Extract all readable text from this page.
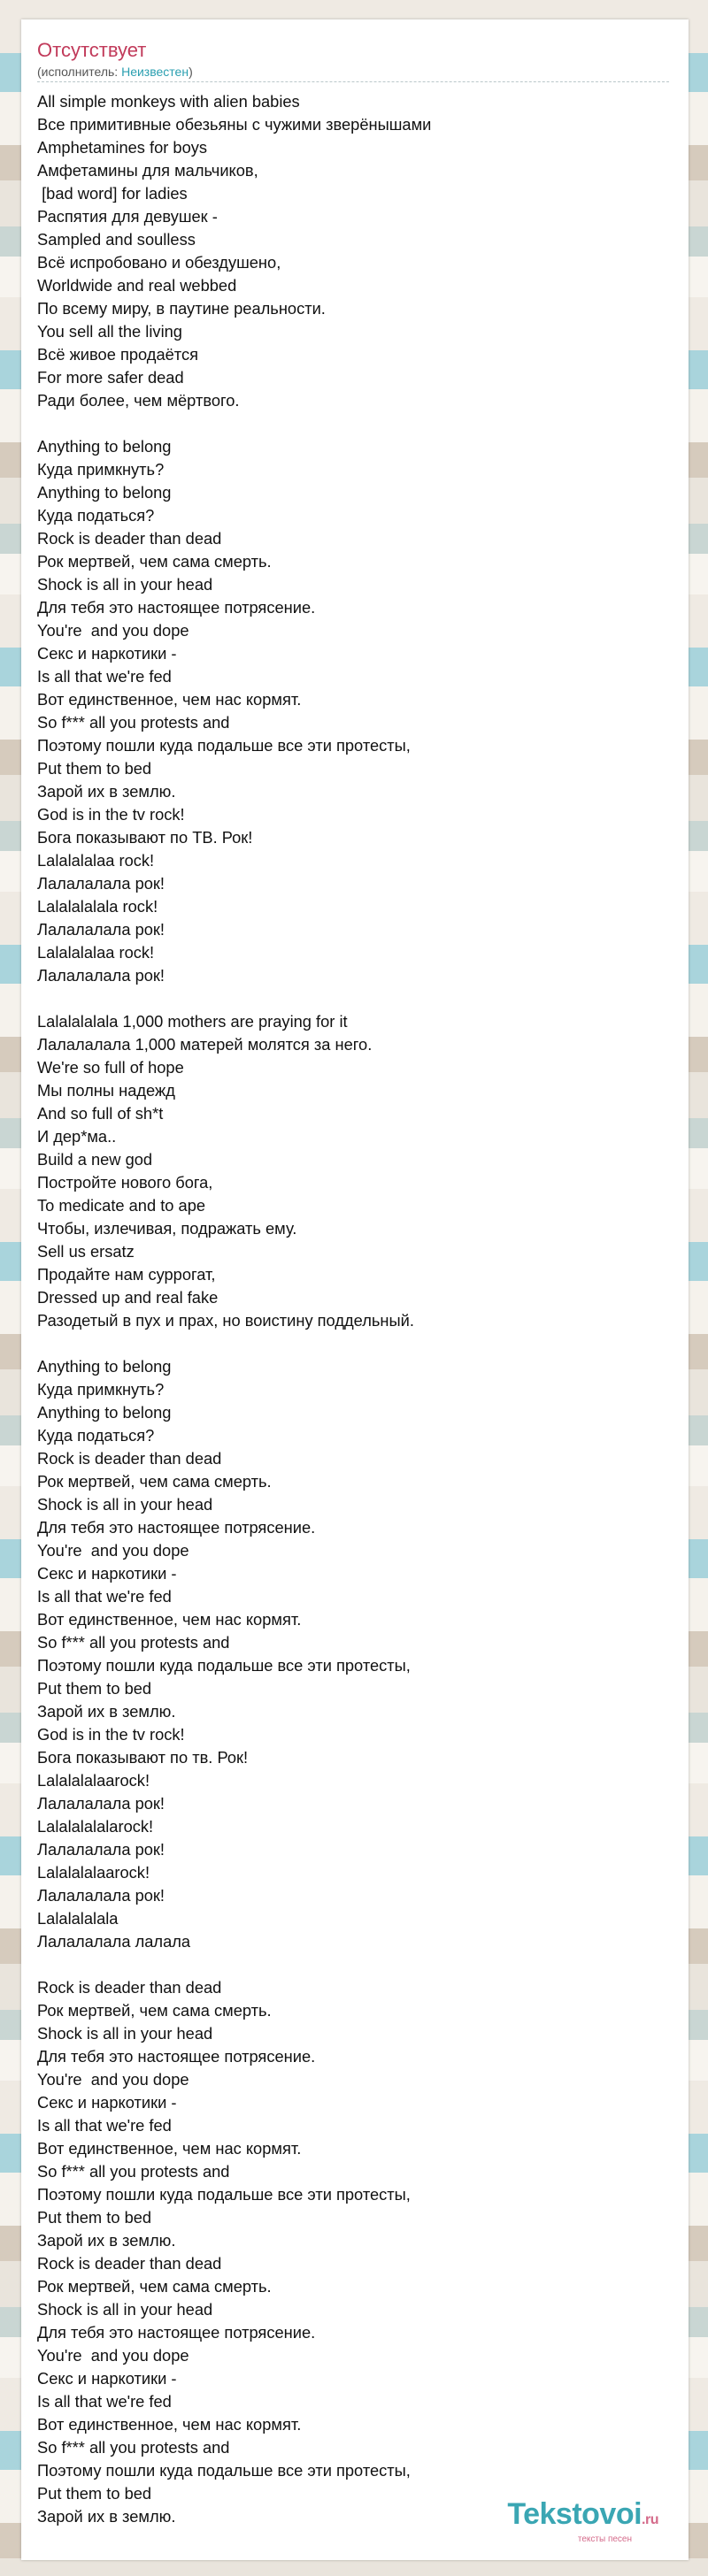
Отсутствует
(исполнитель: Неизвестен)
All simple monkeys with alien babies
Все примитивные обезьяны с чужими зверёнышами
Amphetamines for boys
Амфетамины для мальчиков,
[bad word] for ladies
Распятия для девушек -
Sampled and soulless
Всё испробовано и обездушено,
Worldwide and real webbed
По всему миру, в паутине реальности.
You sell all the living
Всё живое продаётся
For more safer dead
Ради более, чем мёртвого.
Anything to belong
Куда примкнуть?
Anything to belong
Куда податься?
Rock is deader than dead
Рок мертвей, чем сама смерть.
Shock is all in your head
Для тебя это настоящее потрясение.
You're  and you dope
Секс и наркотики -
Is all that we're fed
Вот единственное, чем нас кормят.
So f*** all you protests and
Поэтому пошли куда подальше все эти протесты,
Put them to bed
Зарой их в землю.
God is in the tv rock!
Бога показывают по ТВ. Рок!
Lalalalalaa rock!
Лалалалала рок!
Lalalalalala rock!
Лалалалала рок!
Lalalalalaa rock!
Лалалалала рок!
Lalalalalala 1,000 mothers are praying for it
Лалалалала 1,000 матерей молятся за него.
We're so full of hope
Мы полны надежд
And so full of sh*t
И дер*ма..
Build a new god
Постройте нового бога,
To medicate and to ape
Чтобы, излечивая, подражать ему.
Sell us ersatz
Продайте нам суррогат,
Dressed up and real fake
Разодетый в пух и прах, но воистину поддельный.
Anything to belong
Куда примкнуть?
Anything to belong
Куда податься?
Rock is deader than dead
Рок мертвей, чем сама смерть.
Shock is all in your head
Для тебя это настоящее потрясение.
You're  and you dope
Секс и наркотики -
Is all that we're fed
Вот единственное, чем нас кормят.
So f*** all you protests and
Поэтому пошли куда подальше все эти протесты,
Put them to bed
Зарой их в землю.
God is in the tv rock!
Бога показывают по тв. Рок!
Lalalalalaarock!
Лалалалала рок!
Lalalalalalarock!
Лалалалала рок!
Lalalalalaarock!
Лалалалала рок!
Lalalalalala
Лалалалала лалала
Rock is deader than dead
Рок мертвей, чем сама смерть.
Shock is all in your head
Для тебя это настоящее потрясение.
You're  and you dope
Секс и наркотики -
Is all that we're fed
Вот единственное, чем нас кормят.
So f*** all you protests and
Поэтому пошли куда подальше все эти протесты,
Put them to bed
Зарой их в землю.
Rock is deader than dead
Рок мертвей, чем сама смерть.
Shock is all in your head
Для тебя это настоящее потрясение.
You're  and you dope
Секс и наркотики -
Is all that we're fed
Вот единственное, чем нас кормят.
So f*** all you protests and
Поэтому пошли куда подальше все эти протесты,
Put them to bed
Зарой их в землю.	Tekstovoi.ru
тексты песен
